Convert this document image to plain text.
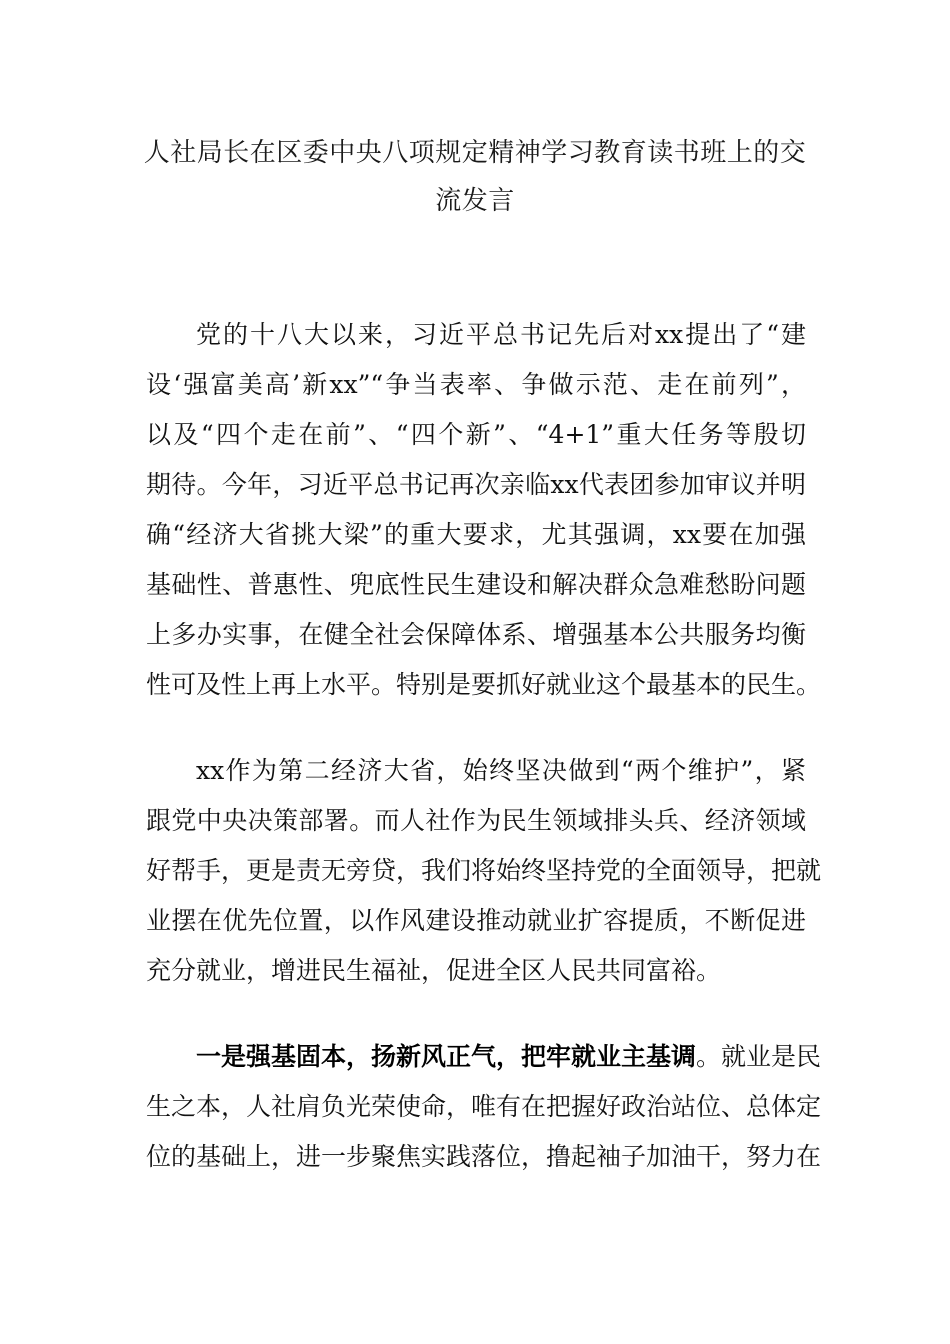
人社局长在区委中央八项规定精神学习教育读书班上的交
流发言
党的十八大以来，习近平总书记先后对xx提出了“建
设‘强富美高’新xx”“争当表率、争做示范、走在前列”，
以及“四个走在前”、“四个新”、“4+1”重大任务等殷切
期待。今年，习近平总书记再次亲临xx代表团参加审议并明
确“经济大省挑大梁”的重大要求，尤其强调，xx要在加强
基础性、普惠性、兜底性民生建设和解决群众急难愁盼问题
上多办实事，在健全社会保障体系、增强基本公共服务均衡
性可及性上再上水平。特别是要抓好就业这个最基本的民生。
xx作为第二经济大省，始终坚决做到“两个维护”，紧
跟党中央决策部署。而人社作为民生领域排头兵、经济领域
好帮手，更是责无旁贷，我们将始终坚持党的全面领导，把就
业摆在优先位置，以作风建设推动就业扩容提质，不断促进
充分就业，增进民生福祉，促进全区人民共同富裕。
一是强基固本，扬新风正气，把牢就业主基调。就业是民
生之本，人社肩负光荣使命，唯有在把握好政治站位、总体定
位的基础上，进一步聚焦实践落位，撸起袖子加油干，努力在
